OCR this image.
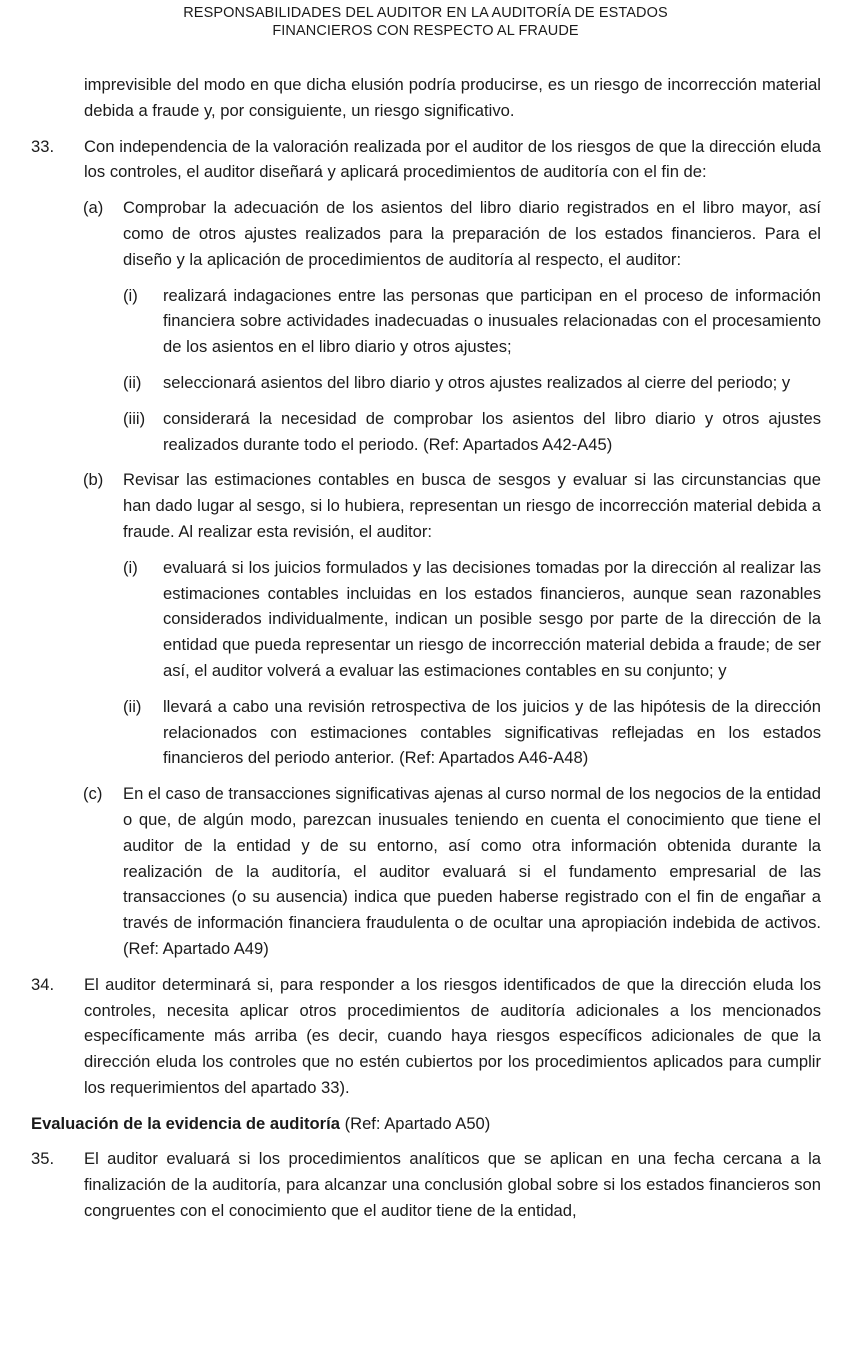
RESPONSABILIDADES DEL AUDITOR EN LA AUDITORÍA DE ESTADOS
FINANCIEROS CON RESPECTO AL FRAUDE

imprevisible del modo en que dicha elusión podría producirse, es un riesgo de incorrección material debida a fraude y, por consiguiente, un riesgo significativo.

33. Con independencia de la valoración realizada por el auditor de los riesgos de que la dirección eluda los controles, el auditor diseñará y aplicará procedimientos de auditoría con el fin de:

(a) Comprobar la adecuación de los asientos del libro diario registrados en el libro mayor, así como de otros ajustes realizados para la preparación de los estados financieros. Para el diseño y la aplicación de procedimientos de auditoría al respecto, el auditor:

(i) realizará indagaciones entre las personas que participan en el proceso de información financiera sobre actividades inadecuadas o inusuales relacionadas con el procesamiento de los asientos en el libro diario y otros ajustes;

(ii) seleccionará asientos del libro diario y otros ajustes realizados al cierre del periodo; y

(iii) considerará la necesidad de comprobar los asientos del libro diario y otros ajustes realizados durante todo el periodo. (Ref: Apartados A42-A45)

(b) Revisar las estimaciones contables en busca de sesgos y evaluar si las circunstancias que han dado lugar al sesgo, si lo hubiera, representan un riesgo de incorrección material debida a fraude. Al realizar esta revisión, el auditor:

(i) evaluará si los juicios formulados y las decisiones tomadas por la dirección al realizar las estimaciones contables incluidas en los estados financieros, aunque sean razonables considerados individualmente, indican un posible sesgo por parte de la dirección de la entidad que pueda representar un riesgo de incorrección material debida a fraude; de ser así, el auditor volverá a evaluar las estimaciones contables en su conjunto; y

(ii) llevará a cabo una revisión retrospectiva de los juicios y de las hipótesis de la dirección relacionados con estimaciones contables significativas reflejadas en los estados financieros del periodo anterior. (Ref: Apartados A46-A48)

(c) En el caso de transacciones significativas ajenas al curso normal de los negocios de la entidad o que, de algún modo, parezcan inusuales teniendo en cuenta el conocimiento que tiene el auditor de la entidad y de su entorno, así como otra información obtenida durante la realización de la auditoría, el auditor evaluará si el fundamento empresarial de las transacciones (o su ausencia) indica que pueden haberse registrado con el fin de engañar a través de información financiera fraudulenta o de ocultar una apropiación indebida de activos. (Ref: Apartado A49)

34. El auditor determinará si, para responder a los riesgos identificados de que la dirección eluda los controles, necesita aplicar otros procedimientos de auditoría adicionales a los mencionados específicamente más arriba (es decir, cuando haya riesgos específicos adicionales de que la dirección eluda los controles que no estén cubiertos por los procedimientos aplicados para cumplir los requerimientos del apartado 33).

Evaluación de la evidencia de auditoría (Ref: Apartado A50)

35. El auditor evaluará si los procedimientos analíticos que se aplican en una fecha cercana a la finalización de la auditoría, para alcanzar una conclusión global sobre si los estados financieros son congruentes con el conocimiento que el auditor tiene de la entidad,
